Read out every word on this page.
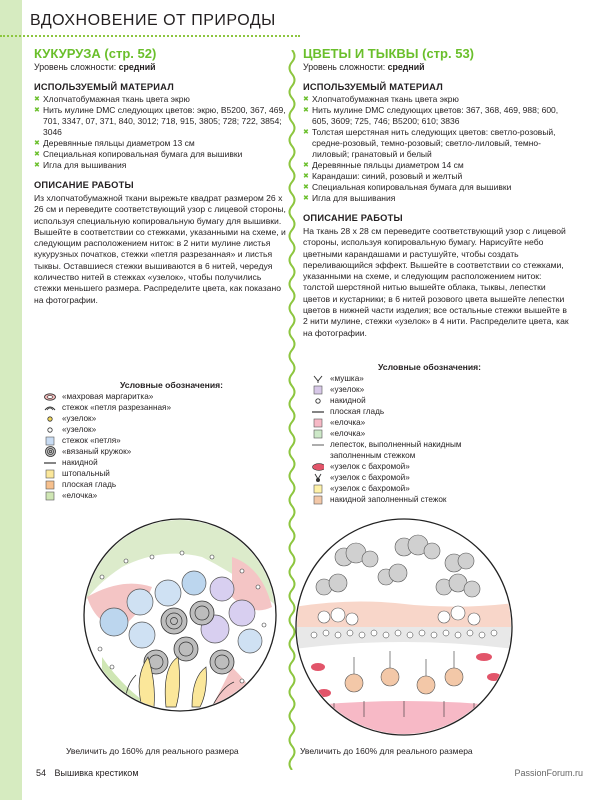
ВДОХНОВЕНИЕ ОТ ПРИРОДЫ
КУКУРУЗА (стр. 52)
Уровень сложности: средний
ИСПОЛЬЗУЕМЫЙ МАТЕРИАЛ
✖ Хлопчатобумажная ткань цвета экрю
✖ Нить мулине DMC следующих цветов: экрю, B5200, 367, 469, 701, 3347, 07, 371, 840, 3012; 718, 915, 3805; 728; 722, 3854; 3046
✖ Деревянные пяльцы диаметром 13 см
✖ Специальная копировальная бумага для вышивки
✖ Игла для вышивания
ОПИСАНИЕ РАБОТЫ
Из хлопчатобумажной ткани вырежьте квадрат размером 26 x 26 см и переведите соответствующий узор с лицевой стороны, используя специальную копировальную бумагу для вышивки. Вышейте в соответствии со стежками, указанными на схеме, и следующим расположением ниток: в 2 нити мулине листья кукурузных початков, стежки «петля разрезанная» и листья тыквы. Оставшиеся стежки вышиваются в 6 нитей, чередуя количество нитей в стежках «узелок», чтобы получились стежки меньшего размера. Распределите цвета, как показано на фотографии.
ЦВЕТЫ И ТЫКВЫ (стр. 53)
Уровень сложности: средний
ИСПОЛЬЗУЕМЫЙ МАТЕРИАЛ
✖ Хлопчатобумажная ткань цвета экрю
✖ Нить мулине DMC следующих цветов: 367, 368, 469, 988; 600, 605, 3609; 725, 746; B5200; 610; 3836
✖ Толстая шерстяная нить следующих цветов: светло-розовый, средне-розовый, темно-розовый; светло-лиловый, темно-лиловый; гранатовый и белый
✖ Деревянные пяльцы диаметром 14 см
✖ Карандаши: синий, розовый и желтый
✖ Специальная копировальная бумага для вышивки
✖ Игла для вышивания
ОПИСАНИЕ РАБОТЫ
На ткань 28 x 28 см переведите соответствующий узор с лицевой стороны, используя копировальную бумагу. Нарисуйте небо цветными карандашами и растушуйте, чтобы создать переливающийся эффект. Вышейте в соответствии со стежками, указанными на схеме, и следующим расположением ниток: толстой шерстяной нитью вышейте облака, тыквы, лепестки цветов и кустарники; в 6 нитей розового цвета вышейте лепестки цветов в нижней части изделия; все остальные стежки вышейте в 2 нити мулине, стежки «узелок» в 4 нити. Распределите цвета, как на фотографии.
Условные обозначения:
«махровая маргаритка»
стежок «петля разрезанная»
«узелок»
«узелок»
стежок «петля»
«вязаный кружок»
накидной
штопальный
плоская гладь
«елочка»
Условные обозначения:
«мушка»
«узелок»
накидной
плоская гладь
«елочка»
«елочка»
лепесток, выполненный накидным заполненным стежком
«узелок с бахромой»
«узелок с бахромой»
«узелок с бахромой»
накидной заполненный стежок
Увеличить до 160% для реального размера	Увеличить до 160% для реального размера
54 Вышивка крестиком	PassionForum.ru
